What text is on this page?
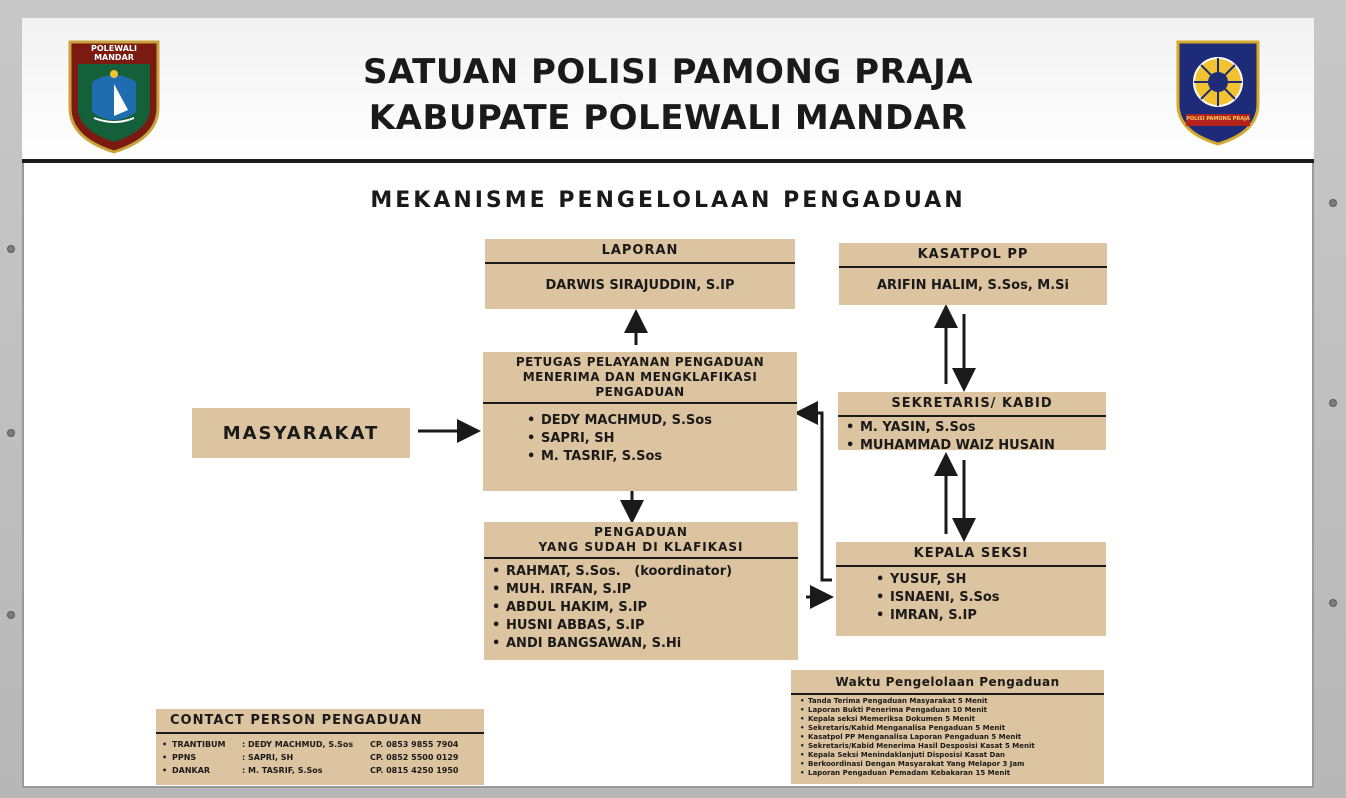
POLEWALI MANDAR	SATUAN POLISI PAMONG PRAJA
KABUPATE POLEWALI MANDAR	POLISI PAMONG PRAJA
MEKANISME PENGELOLAAN PENGADUAN
MASYARAKAT
LAPORAN
DARWIS SIRAJUDDIN, S.IP
PETUGAS PELAYANAN PENGADUAN
MENERIMA DAN MENGKLAFIKASI
PENGADUAN
• DEDY MACHMUD, S.Sos
• SAPRI, SH
• M. TASRIF, S.Sos
PENGADUAN
YANG SUDAH DI KLAFIKASI
• RAHMAT, S.Sos.   (koordinator)
• MUH. IRFAN, S.IP
• ABDUL HAKIM, S.IP
• HUSNI ABBAS, S.IP
• ANDI BANGSAWAN, S.Hi
KASATPOL PP
ARIFIN HALIM, S.Sos, M.Si
SEKRETARIS/ KABID
• M. YASIN, S.Sos
• MUHAMMAD WAIZ HUSAIN
KEPALA SEKSI
• YUSUF, SH
• ISNAENI, S.Sos
• IMRAN, S.IP
Waktu Pengelolaan Pengaduan
• Tanda Terima Pengaduan Masyarakat 5 Menit
• Laporan Bukti Penerima Pengaduan 10 Menit
• Kepala seksi Memeriksa Dokumen 5 Menit
• Sekretaris/Kabid Menganalisa Pengaduan 5 Menit
• Kasatpol PP Menganalisa Laporan Pengaduan 5 Menit
• Sekretaris/Kabid Menerima Hasil Desposisi Kasat 5 Menit
• Kepala Seksi Menindaklanjuti Disposisi Kasat Dan
• Berkoordinasi Dengan Masyarakat Yang Melapor 3 Jam
• Laporan Pengaduan Pemadam Kebakaran 15 Menit
CONTACT PERSON PENGADUAN
• TRANTIBUM	: DEDY MACHMUD, S.Sos	CP. 0853 9855 7904
• PPNS	: SAPRI, SH	CP. 0852 5500 0129
• DANKAR	: M. TASRIF, S.Sos	CP. 0815 4250 1950
